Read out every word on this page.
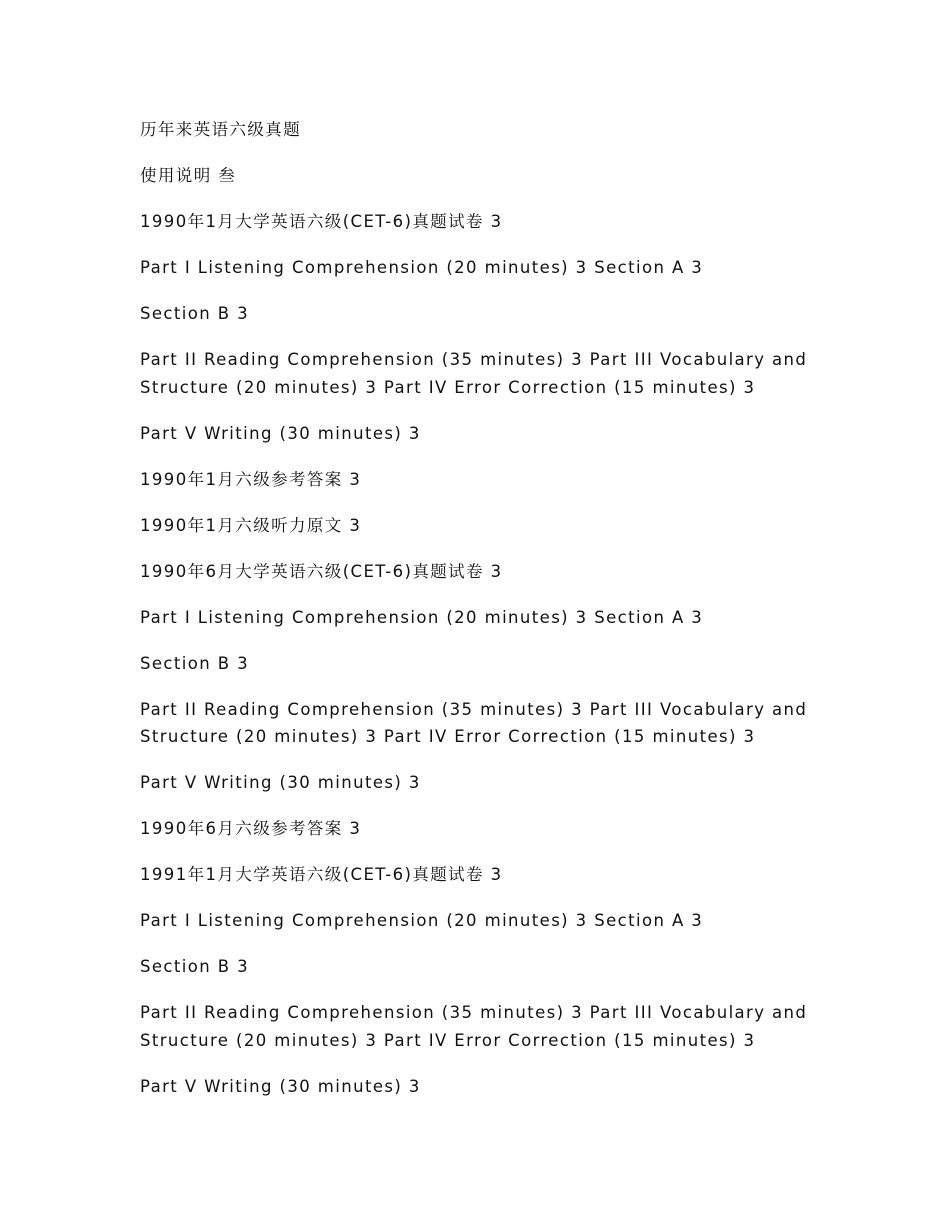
历年来英语六级真题
使用说明 叁
1990年1月大学英语六级(CET-6)真题试卷 3
Part I Listening Comprehension (20 minutes) 3 Section A 3
Section B 3
Part II Reading Comprehension (35 minutes) 3 Part III Vocabulary and Structure (20 minutes) 3 Part IV Error Correction (15 minutes) 3
Part V Writing (30 minutes) 3
1990年1月六级参考答案 3
1990年1月六级听力原文 3
1990年6月大学英语六级(CET-6)真题试卷 3
Part I Listening Comprehension (20 minutes) 3 Section A 3
Section B 3
Part II Reading Comprehension (35 minutes) 3 Part III Vocabulary and Structure (20 minutes) 3 Part IV Error Correction (15 minutes) 3
Part V Writing (30 minutes) 3
1990年6月六级参考答案 3
1991年1月大学英语六级(CET-6)真题试卷 3
Part I Listening Comprehension (20 minutes) 3 Section A 3
Section B 3
Part II Reading Comprehension (35 minutes) 3 Part III Vocabulary and Structure (20 minutes) 3 Part IV Error Correction (15 minutes) 3
Part V Writing (30 minutes) 3
